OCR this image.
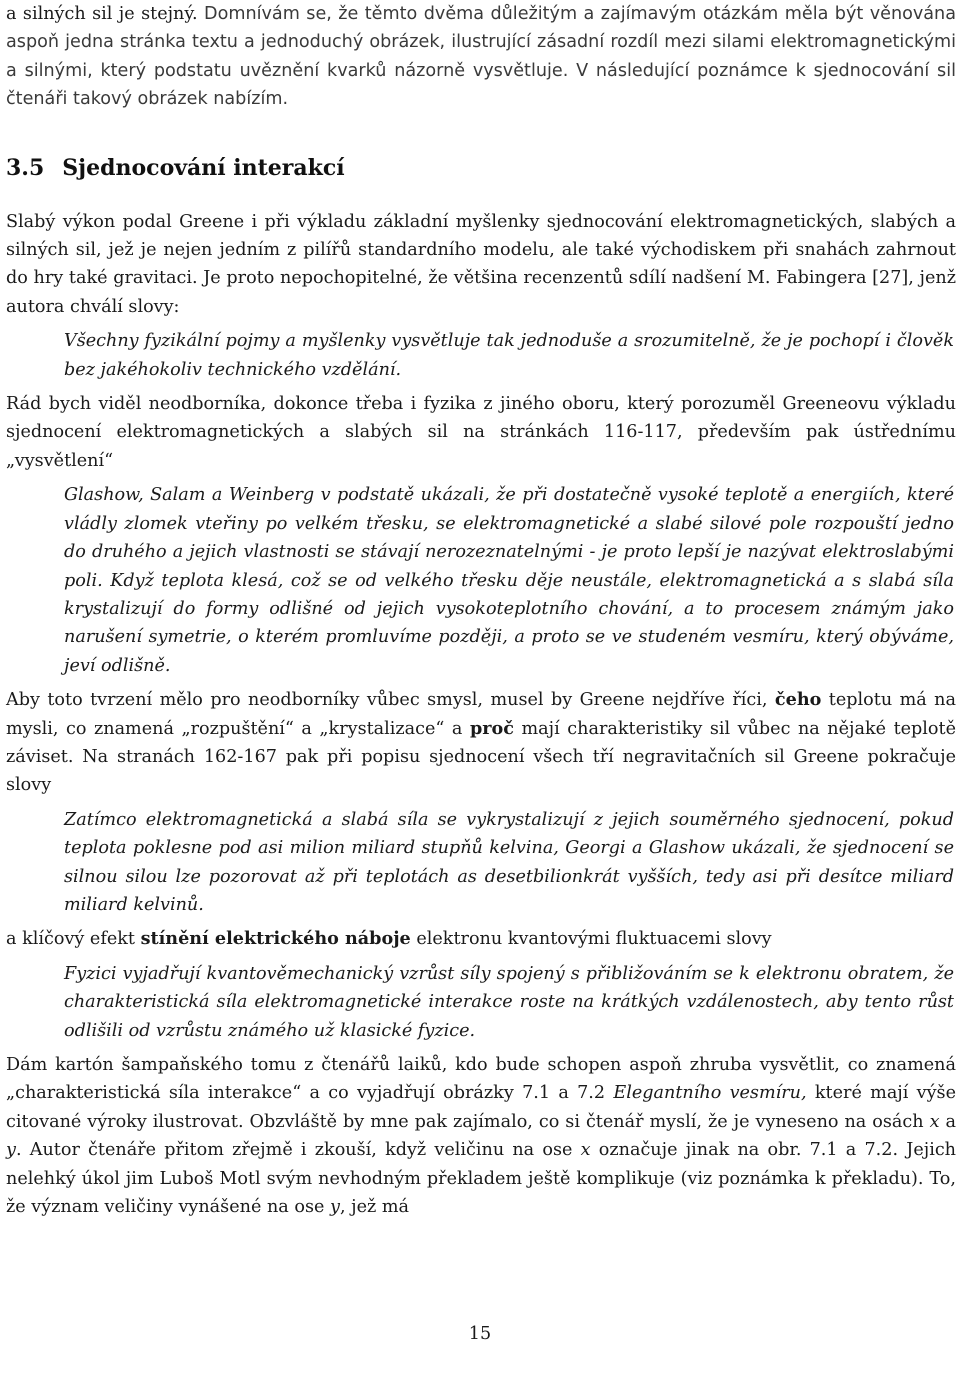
a silných sil je stejný. Domnívám se, že těmto dvěma důležitým a zajímavým otázkám měla být věnována aspoň jedna stránka textu a jednoduchý obrázek, ilustrující zásadní rozdíl mezi silami elektromagnetickými a silnými, který podstatu uvěznění kvarků názorně vysvětluje. V následující poznámce k sjednocování sil čtenáři takový obrázek nabízím.

3.5 Sjednocování interakcí

Slabý výkon podal Greene i při výkladu základní myšlenky sjednocování elektromagnetických, slabých a silných sil, jež je nejen jedním z pilířů standardního modelu, ale také východiskem při snahách zahrnout do hry také gravitaci. Je proto nepochopitelné, že většina recenzentů sdílí nadšení M. Fabingera [27], jenž autora chválí slovy:

Všechny fyzikální pojmy a myšlenky vysvětluje tak jednoduše a srozumitelně, že je pochopí i člověk bez jakéhokoliv technického vzdělání.

Rád bych viděl neodborníka, dokonce třeba i fyzika z jiného oboru, který porozuměl Greeneovu výkladu sjednocení elektromagnetických a slabých sil na stránkách 116-117, především pak ústřednímu „vysvětlení“

Glashow, Salam a Weinberg v podstatě ukázali, že při dostatečně vysoké teplotě a energiích, které vládly zlomek vteřiny po velkém třesku, se elektromagnetické a slabé silové pole rozpouští jedno do druhého a jejich vlastnosti se stávají nerozeznatelnými - je proto lepší je nazývat elektroslabými poli. Když teplota klesá, což se od velkého třesku děje neustále, elektromagnetická a s slabá síla krystalizují do formy odlišné od jejich vysokoteplotního chování, a to procesem známým jako narušení symetrie, o kterém promluvíme později, a proto se ve studeném vesmíru, který obýváme, jeví odlišně.

Aby toto tvrzení mělo pro neodborníky vůbec smysl, musel by Greene nejdříve říci, čeho teplotu má na mysli, co znamená „rozpuštění“ a „krystalizace“ a proč mají charakteristiky sil vůbec na nějaké teplotě záviset. Na stranách 162-167 pak při popisu sjednocení všech tří negravitačních sil Greene pokračuje slovy

Zatímco elektromagnetická a slabá síla se vykrystalizují z jejich souměrného sjednocení, pokud teplota poklesne pod asi milion miliard stupňů kelvina, Georgi a Glashow ukázali, že sjednocení se silnou silou lze pozorovat až při teplotách as desetbilionkrát vyšších, tedy asi při desítce miliard miliard kelvinů.

a klíčový efekt stínění elektrického náboje elektronu kvantovými fluktuacemi slovy

Fyzici vyjadřují kvantověmechanický vzrůst síly spojený s přibližováním se k elektronu obratem, že charakteristická síla elektromagnetické interakce roste na krátkých vzdálenostech, aby tento růst odlišili od vzrůstu známého už klasické fyzice.

Dám kartón šampaňského tomu z čtenářů laiků, kdo bude schopen aspoň zhruba vysvětlit, co znamená „charakteristická síla interakce“ a co vyjadřují obrázky 7.1 a 7.2 Elegantního vesmíru, které mají výše citované výroky ilustrovat. Obzvláště by mne pak zajímalo, co si čtenář myslí, že je vyneseno na osách x a y. Autor čtenáře přitom zřejmě i zkouší, když veličinu na ose x označuje jinak na obr. 7.1 a 7.2. Jejich nelehký úkol jim Luboš Motl svým nevhodným překladem ještě komplikuje (viz poznámka k překladu). To, že význam veličiny vynášené na ose y, jež má

15
